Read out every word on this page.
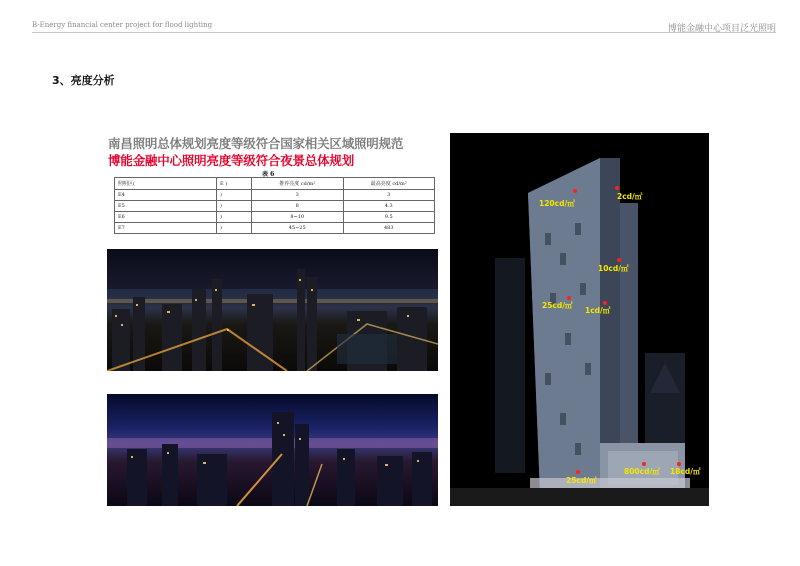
B-Energy financial center project for flood lighting	博能金融中心项目泛光照明
3、亮度分析
南昌照明总体规划亮度等级符合国家相关区域照明规范
博能金融中心照明亮度等级符合夜景总体规划
表 6
照明区(	E )	推荐亮度 cd/m²	最高亮度 cd/m²
E4	)	3	3
E5	)	8	4.3
E6	)	8~10	9.5
E7	)	45~25	483
120cd/㎡
2cd/㎡
10cd/㎡
25cd/㎡
1cd/㎡
800cd/㎡ 18cd/㎡
25cd/㎡
